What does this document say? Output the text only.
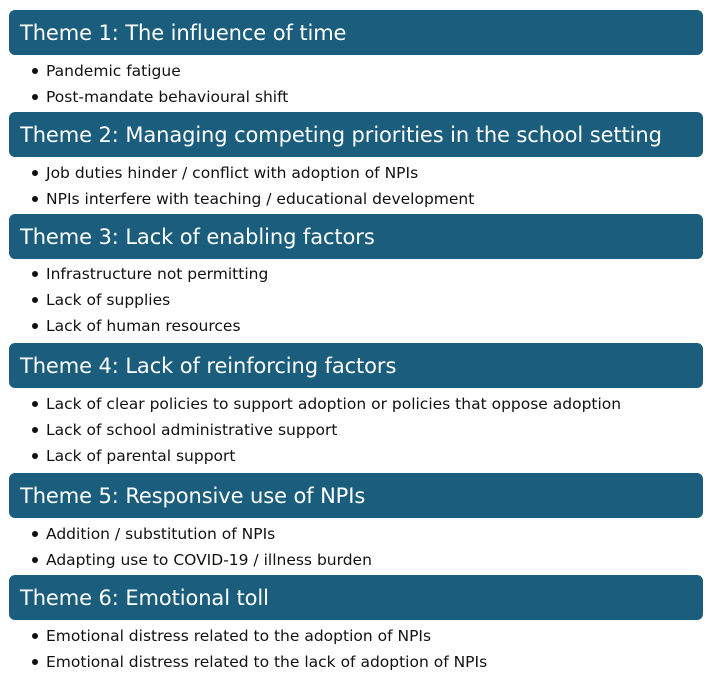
Theme 1: The influence of time
Pandemic fatigue
Post-mandate behavioural shift
Theme 2: Managing competing priorities in the school setting
Job duties hinder / conflict with adoption of NPIs
NPIs interfere with teaching / educational development
Theme 3: Lack of enabling factors
Infrastructure not permitting
Lack of supplies
Lack of human resources
Theme 4: Lack of reinforcing factors
Lack of clear policies to support adoption or policies that oppose adoption
Lack of school administrative support
Lack of parental support
Theme 5: Responsive use of NPIs
Addition / substitution of NPIs
Adapting use to COVID-19 / illness burden
Theme 6: Emotional toll
Emotional distress related to the adoption of NPIs
Emotional distress related to the lack of adoption of NPIs
